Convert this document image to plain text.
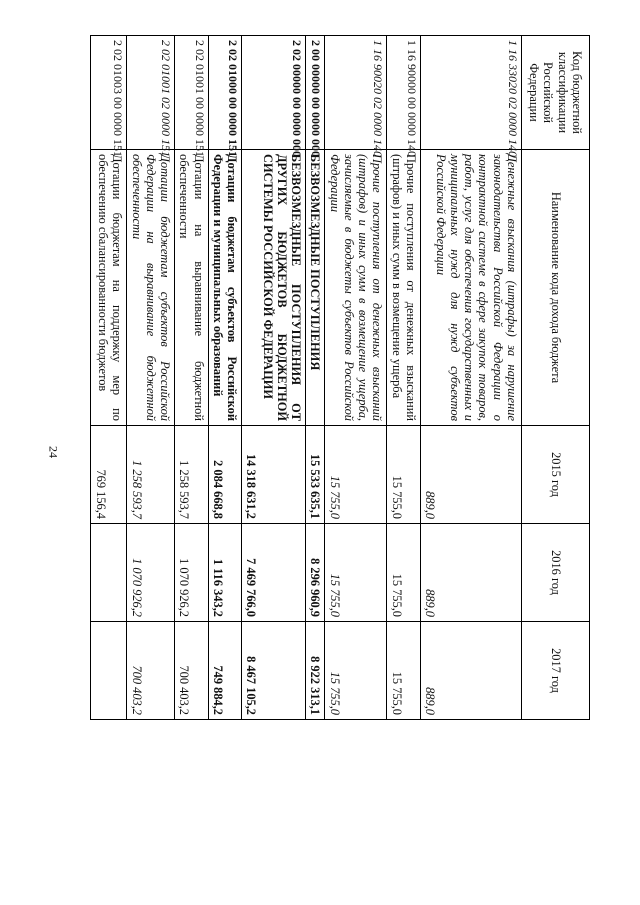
24
Код бюджетной классификации Российской Федерации	Наименование кода дохода бюджета	2015 год	2016 год	2017 год
1 16 33020 02 0000 140	Денежные взыскания (штрафы) за нарушение законодательства Российской Федерации о контрактной системе в сфере закупок товаров, работ, услуг для обеспечения государственных и муниципальных нужд для нужд субъектов Российской Федерации	889,0	889,0	889,0
1 16 90000 00 0000 140	Прочие поступления от денежных взысканий (штрафов) и иных сумм в возмещение ущерба	15 755,0	15 755,0	15 755,0
1 16 90020 02 0000 140	Прочие поступления от денежных взысканий (штрафов) и иных сумм в возмещение ущерба, зачисляемые в бюджеты субъектов Российской Федерации	15 755,0	15 755,0	15 755,0
2 00 00000 00 0000 000	БЕЗВОЗМЕЗДНЫЕ ПОСТУПЛЕНИЯ	15 533 635,1	8 296 960,9	8 922 313,1
2 02 00000 00 0000 000	БЕЗВОЗМЕЗДНЫЕ ПОСТУПЛЕНИЯ ОТ ДРУГИХ БЮДЖЕТОВ БЮДЖЕТНОЙ СИСТЕМЫ РОССИЙСКОЙ ФЕДЕРАЦИИ	14 318 631,2	7 469 766,0	8 467 105,2
2 02 01000 00 0000 151	Дотации бюджетам субъектов Российской Федерации и муниципальных образований	2 084 668,8	1 116 343,2	749 884,2
2 02 01001 00 0000 151	Дотации на выравнивание бюджетной обеспеченности	1 258 593,7	1 070 926,2	700 403,2
2 02 01001 02 0000 151	Дотации бюджетам субъектов Российской Федерации на выравнивание бюджетной обеспеченности	1 258 593,7	1 070 926,2	700 403,2
2 02 01003 00 0000 151	Дотации бюджетам на поддержку мер по обеспечению сбалансированности бюджетов	769 156,4		
